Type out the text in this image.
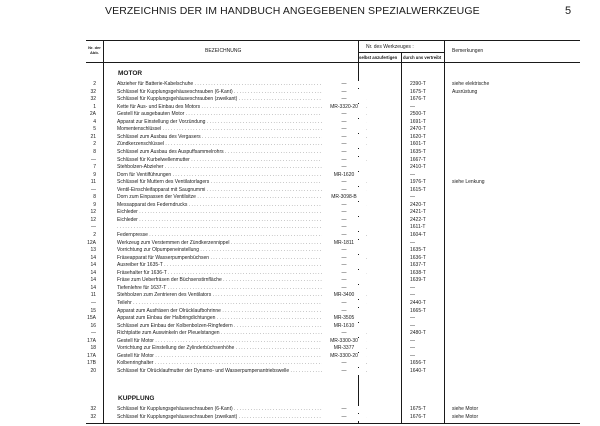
VERZEICHNIS DER IM HANDBUCH ANGEGEBENEN SPEZIALWERKZEUGE	5
Nr. der Abb.	BEZEICHNUNG
Nr. des Werkzeuges :
selbst anzufertigen durch uns vertreibt
Bemerkungen
MOTOR
2	Abzieher für Batterie-Kabelschuhe . . .	—	2390-T	siehe elektrische
32	Schlüssel für Kupplungsgehäuseschrauben (6-Kant) . . .	—	1675-T	Ausrüstung
32	Schlüssel für Kupplungsgehäuseschrauben (zweikant) . . .	—	1676-T
1	Kette für Aus- und Einbau des Motors . . .	MR-3320-20	—
2A	Gestell für ausgebauten Motor . . .	—	2500-T
4	Apparat zur Einstellung der Vorzündung . . .	—	1691-T
5	Momentenschlüssel . . .	—	2470-T
21	Schlüssel zum Ausbau des Vergasers . . .	—	1620-T
2	Zündkerzenschlüssel . . .	—	1601-T
8	Schlüssel zum Ausbau des Auspuffsammelrohrs . . .	—	1635-T
—	Schlüssel für Kurbelwellenmutter . . .	—	1667-T
7	Stehbolzen-Abzieher . . .	—	2410-T
9	Dorn für Ventilführungen . . .	MR-1620	—
11	Schlüssel für Muttern des Ventilatorlagers . . .	—	1976-T	siehe Lenkung
—	Ventil-Einschleifapparat mit Saugnummi . . .	—	1615-T
8	Dorn zum Einpassen der Ventilsitze . . .	MR-3098-B	—
9	Messapparat des Federndrucks . . .	—	2420-T
12	Eichleder . . .	—	2421-T
12	Eichleder . . .	—	2422-T
—
. . .	—	1611-T
2	Federnpresse . . .	—	1604-T
12A	Werkzeug zum Verstemmen der Zündkerzennippel . . .	MR-1811	—
13	Vorrichtung zur Ölpumpeneinstellung . . .	—	1635-T
14	Fräseapparat für Wasserpumpenbüchsen . . .	—	1636-T
14	Ausreiber für 1635-T . . .	—	1637-T
14	Fräsehalter für 1636-T . . .	—	1638-T
14	Fräse zum Ueberfräsen der Büchsenstirnfläche . . .	—	1639-T
14	Tiefenlehre für 1637-T . . .	—	—
11	Stehbolzen zum Zentrieren des Ventilators . . .	MR-3400	—
—	Teilehr . . .	—	2440-T
15	Apparat zum Ausfräsen der Ölrücklaufbohrinne . . .	—	1665-T
15A	Apparat zum Einbau der Halbringdichtungen . . .	MR-3505	—
16	Schlüssel zum Einbau der Kolbenbolzen-Ringfedern . . .	MR-1610	—
—	Richtplatte zum Auswinkeln der Pleuelstangen . . .	—	2480-T
17A	Gestell für Motor . . .	MR-3300-30	—
18	Vorrichtung zur Einstellung der Zylinderbüchsenhöhe . . .	MR-3377	—
17A	Gestell für Motor . . .	MR-3300-20	—
17B	Kolbenringhalter . . .	—	1656-T
20	Schlüssel für Ölrücklaufmutter der Dynamo- und Wasserpumpenantriebswelle . . .	—	1640-T
KUPPLUNG
32	Schlüssel für Kupplungsgehäuseschrauben (6-Kant) . . .	—	1675-T	siehe Motor
32	Schlüssel für Kupplungsgehäuseschrauben (zweikant) . . .	—	1676-T	siehe Motor
